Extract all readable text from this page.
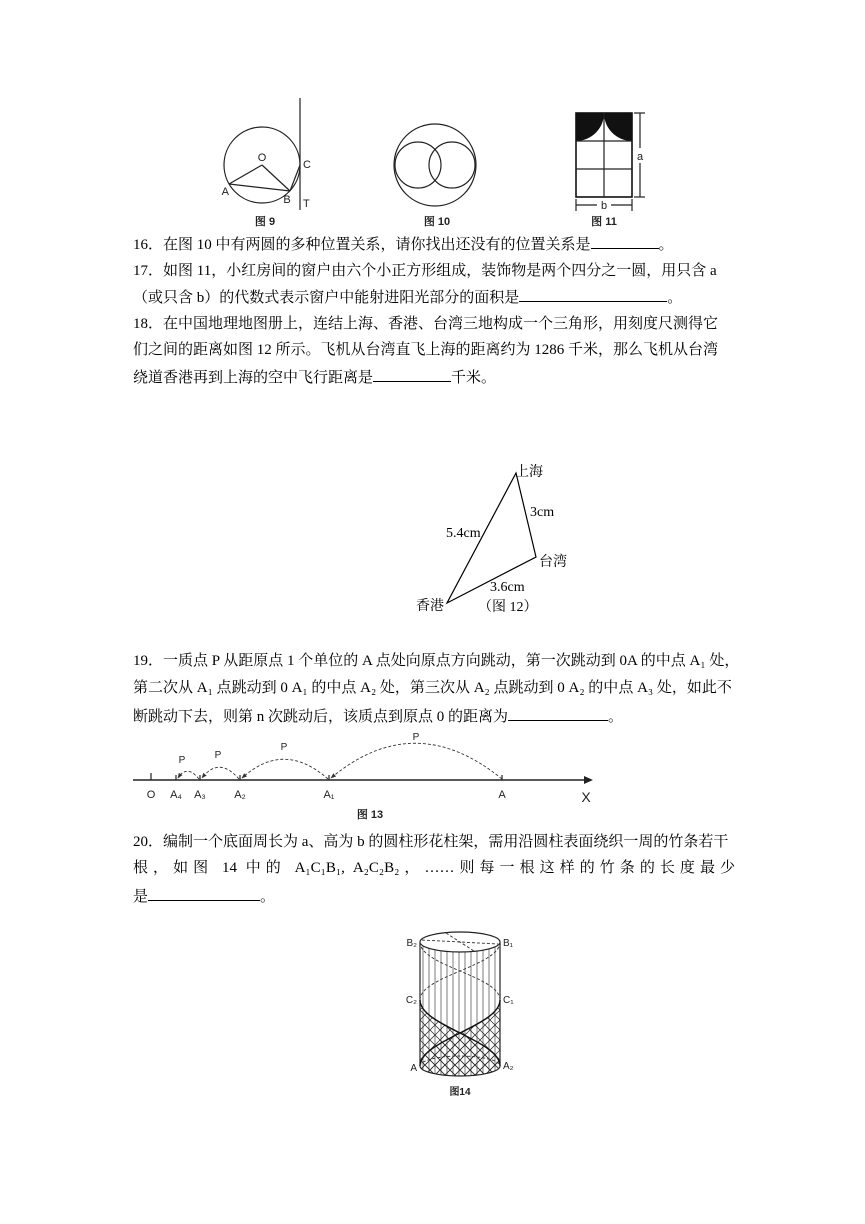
16．在图 10 中有两圆的多种位置关系，请你找出还没有的位置关系是	。
17．如图 11，小红房间的窗户由六个小正方形组成，装饰物是两个四分之一圆，用只含 a
（或只含 b）的代数式表示窗户中能射进阳光部分的面积是	。
18．在中国地理地图册上，连结上海、香港、台湾三地构成一个三角形，用刻度尺测得它
们之间的距离如图 12 所示。飞机从台湾直飞上海的距离约为 1286 千米，那么飞机从台湾
绕道香港再到上海的空中飞行距离是	千米。
19．一质点 P 从距原点 1 个单位的 A 点处向原点方向跳动，第一次跳动到 0A 的中点 A₁ 处，
第二次从 A₁ 点跳动到 0 A₁ 的中点 A₂ 处，第三次从 A₂ 点跳动到 0 A₂ 的中点 A₃ 处，如此不
断跳动下去，则第 n 次跳动后，该质点到原点 0 的距离为	。
20．编制一个底面周长为 a、高为 b 的圆柱形花柱架，需用沿圆柱表面绕织一周的竹条若干
根，如图 14 中的 A₁C₁B₁, A₂C₂B₂，……则每一根这样的竹条的长度最少
是	。
O
A
B
C
T
图 9	图 10
a
b
图 11
上海
3cm
5.4cm
台湾
3.6cm
香港 （图 12）
P
P
P
P
O A₄ A₃	A₂	A₁	A	X
图 13
B₂	B₁
C₂	C₁
A	A₂
图14
